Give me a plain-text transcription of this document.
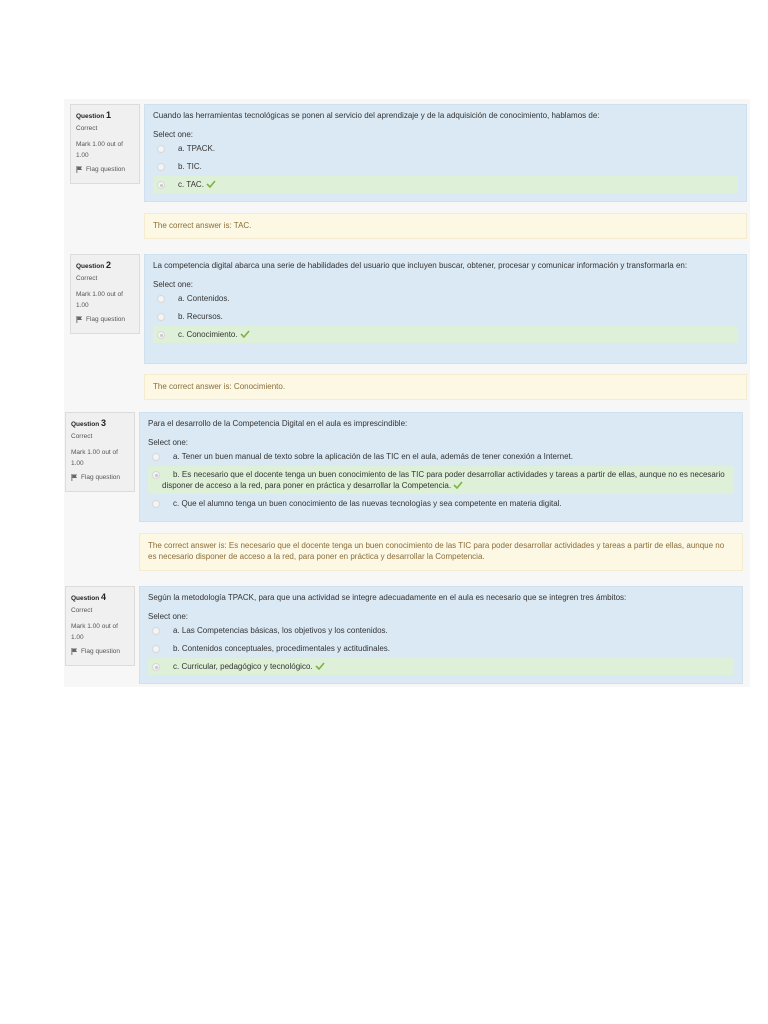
Question 1
Correct
Mark 1.00 out of 1.00
Flag question
Cuando las herramientas tecnológicas se ponen al servicio del aprendizaje y de la adquisición de conocimiento, hablamos de:
Select one:
a. TPACK.
b. TIC.
c. TAC.
The correct answer is: TAC.
Question 2
Correct
Mark 1.00 out of 1.00
Flag question
La competencia digital abarca una serie de habilidades del usuario que incluyen buscar, obtener, procesar y comunicar información y transformarla en:
Select one:
a. Contenidos.
b. Recursos.
c. Conocimiento.
The correct answer is: Conocimiento.
Question 3
Correct
Mark 1.00 out of 1.00
Flag question
Para el desarrollo de la Competencia Digital en el aula es imprescindible:
Select one:
a. Tener un buen manual de texto sobre la aplicación de las TIC en el aula, además de tener conexión a Internet.
b. Es necesario que el docente tenga un buen conocimiento de las TIC para poder desarrollar actividades y tareas a partir de ellas, aunque no es necesario disponer de acceso a la red, para poner en práctica y desarrollar la Competencia.
c. Que el alumno tenga un buen conocimiento de las nuevas tecnologías y sea competente en materia digital.
The correct answer is: Es necesario que el docente tenga un buen conocimiento de las TIC para poder desarrollar actividades y tareas a partir de ellas, aunque no es necesario disponer de acceso a la red, para poner en práctica y desarrollar la Competencia.
Question 4
Correct
Mark 1.00 out of 1.00
Flag question
Según la metodología TPACK, para que una actividad se integre adecuadamente en el aula es necesario que se integren tres ámbitos:
Select one:
a. Las Competencias básicas, los objetivos y los contenidos.
b. Contenidos conceptuales, procedimentales y actitudinales.
c. Curricular, pedagógico y tecnológico.
